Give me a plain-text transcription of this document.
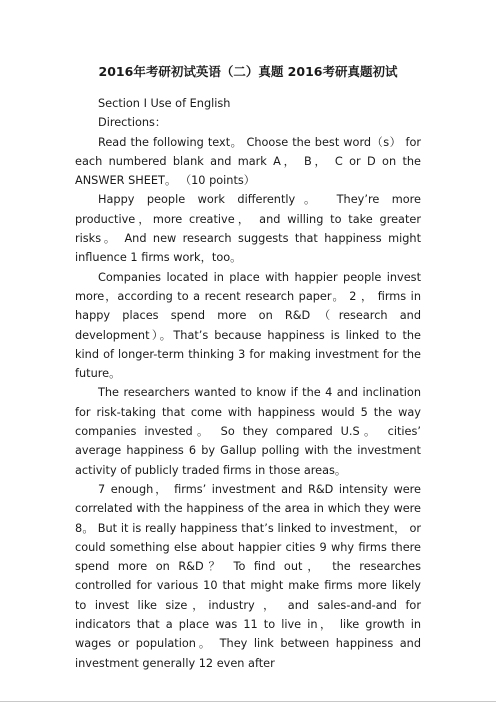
2016年考研初试英语（二）真题 2016考研真题初试

Section I Use of English

Directions：

Read the following text。 Choose the best word（s） for each numbered blank and mark A， B， C or D on the ANSWER SHEET。 （10 points）

Happy people work differently。 They’re more productive，more creative， and willing to take greater risks。 And new research suggests that happiness might influence 1 firms work，too。

Companies located in place with happier people invest more，according to a recent research paper。 2 ， firms in happy places spend more on R&D（research and development）。That’s because happiness is linked to the kind of longer-term thinking 3 for making investment for the future。

The researchers wanted to know if the 4 and inclination for risk-taking that come with happiness would 5 the way companies invested。 So they compared U.S。 cities’ average happiness 6 by Gallup polling with the investment activity of publicly traded firms in those areas。

7 enough， firms’ investment and R&D intensity were correlated with the happiness of the area in which they were 8。 But it is really happiness that’s linked to investment， or could something else about happier cities 9 why firms there spend more on R&D？ To find out， the researches controlled for various 10 that might make firms more likely to invest like size，industry ， and sales-and-and for indicators that a place was 11 to live in， like growth in wages or population。 They link between happiness and investment generally 12 even after
